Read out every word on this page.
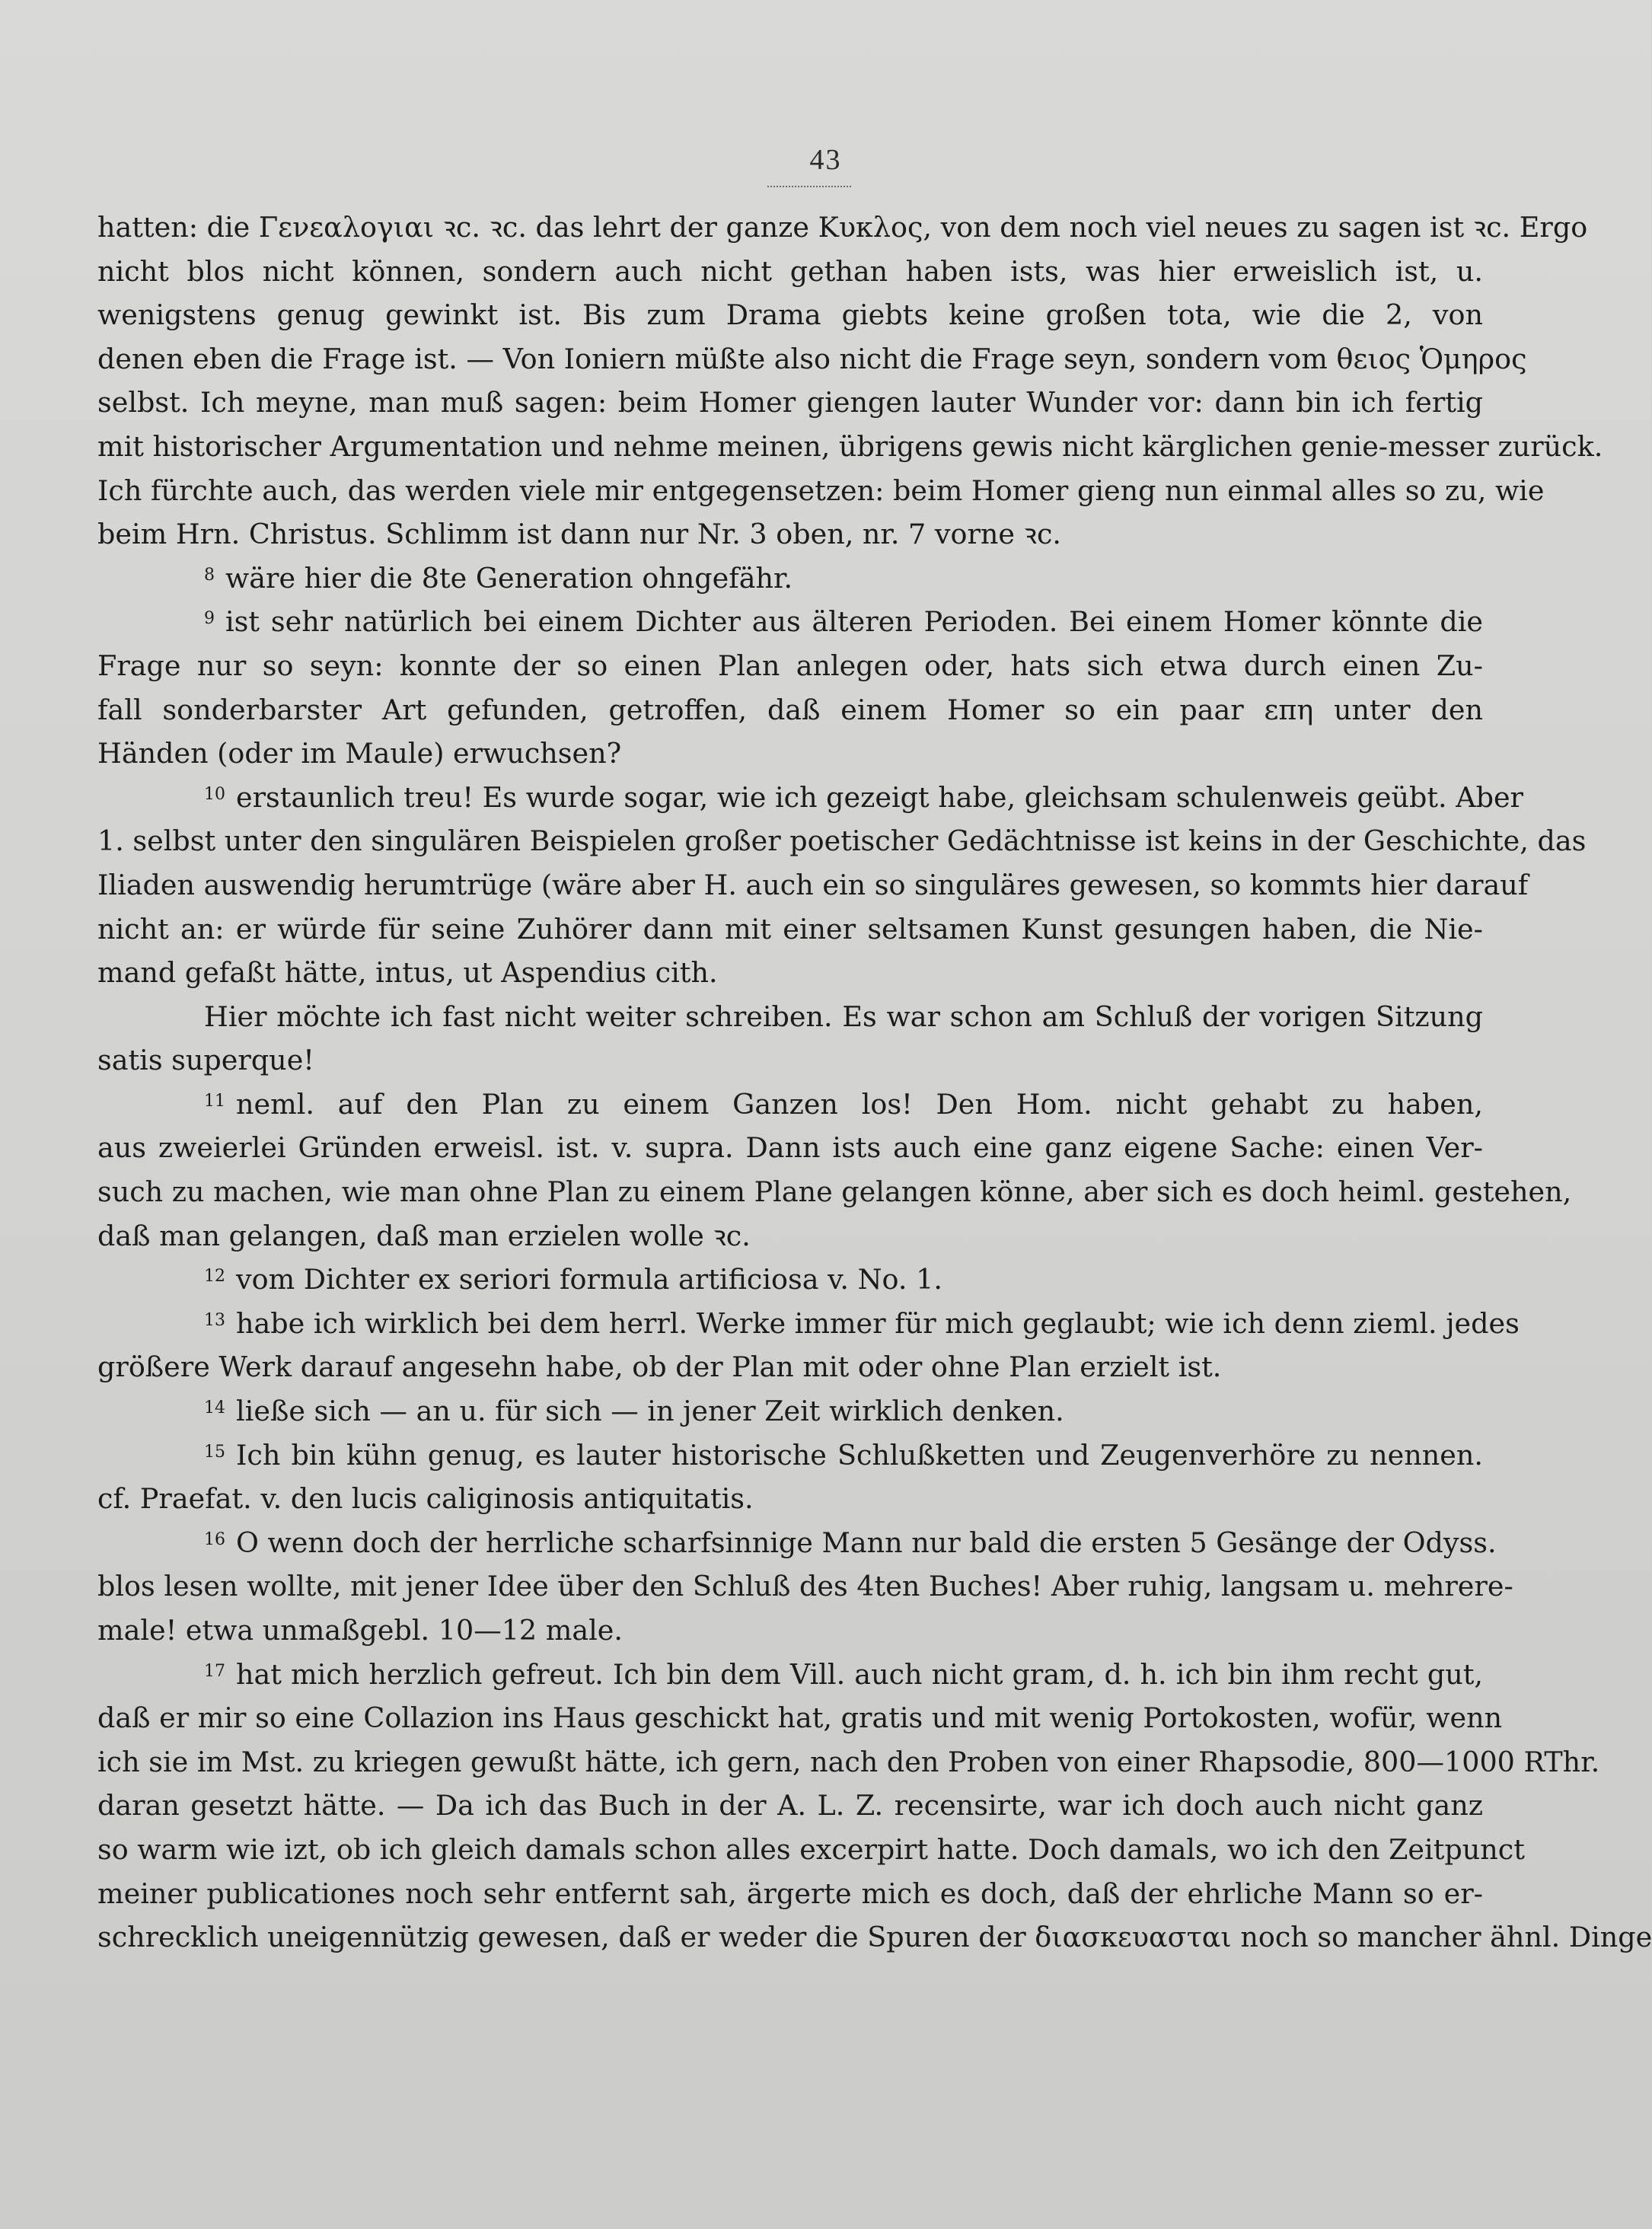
43
hatten: die Γενεαλογιαι ꝛc. ꝛc. das lehrt der ganze Κυκλος, von dem noch viel neues zu sagen ist ꝛc. Ergo
nicht blos nicht können, sondern auch nicht gethan haben ists, was hier erweislich ist, u.
wenigstens genug gewinkt ist. Bis zum Drama giebts keine großen tota, wie die 2, von
denen eben die Frage ist. — Von Ioniern müßte also nicht die Frage seyn, sondern vom θειος Ὁμηρος
selbst. Ich meyne, man muß sagen: beim Homer giengen lauter Wunder vor: dann bin ich fertig
mit historischer Argumentation und nehme meinen, übrigens gewis nicht kärglichen genie-messer zurück.
Ich fürchte auch, das werden viele mir entgegensetzen: beim Homer gieng nun einmal alles so zu, wie
beim Hrn. Christus. Schlimm ist dann nur Nr. 3 oben, nr. 7 vorne ꝛc.
$^8$ wäre hier die 8te Generation ohngefähr.
$^9$ ist sehr natürlich bei einem Dichter aus älteren Perioden. Bei einem Homer könnte die
Frage nur so seyn: konnte der so einen Plan anlegen oder, hats sich etwa durch einen Zu-
fall sonderbarster Art gefunden, getroffen, daß einem Homer so ein paar επη unter den
Händen (oder im Maule) erwuchsen?
$^{10}$ erstaunlich treu! Es wurde sogar, wie ich gezeigt habe, gleichsam schulenweis geübt. Aber
1. selbst unter den singulären Beispielen großer poetischer Gedächtnisse ist keins in der Geschichte, das
Iliaden auswendig herumtrüge (wäre aber H. auch ein so singuläres gewesen, so kommts hier darauf
nicht an: er würde für seine Zuhörer dann mit einer seltsamen Kunst gesungen haben, die Nie-
mand gefaßt hätte, intus, ut Aspendius cith.
Hier möchte ich fast nicht weiter schreiben. Es war schon am Schluß der vorigen Sitzung
satis superque!
$^{11}$ neml. auf den Plan zu einem Ganzen los! Den Hom. nicht gehabt zu haben,
aus zweierlei Gründen erweisl. ist. v. supra. Dann ists auch eine ganz eigene Sache: einen Ver-
such zu machen, wie man ohne Plan zu einem Plane gelangen könne, aber sich es doch heiml. gestehen,
daß man gelangen, daß man erzielen wolle ꝛc.
$^{12}$ vom Dichter ex seriori formula artificiosa v. No. 1.
$^{13}$ habe ich wirklich bei dem herrl. Werke immer für mich geglaubt; wie ich denn zieml. jedes
größere Werk darauf angesehn habe, ob der Plan mit oder ohne Plan erzielt ist.
$^{14}$ ließe sich — an u. für sich — in jener Zeit wirklich denken.
$^{15}$ Ich bin kühn genug, es lauter historische Schlußketten und Zeugenverhöre zu nennen.
cf. Praefat. v. den lucis caliginosis antiquitatis.
$^{16}$ O wenn doch der herrliche scharfsinnige Mann nur bald die ersten 5 Gesänge der Odyss.
blos lesen wollte, mit jener Idee über den Schluß des 4ten Buches! Aber ruhig, langsam u. mehrere-
male! etwa unmaßgebl. 10—12 male.
$^{17}$ hat mich herzlich gefreut. Ich bin dem Vill. auch nicht gram, d. h. ich bin ihm recht gut,
daß er mir so eine Collazion ins Haus geschickt hat, gratis und mit wenig Portokosten, wofür, wenn
ich sie im Mst. zu kriegen gewußt hätte, ich gern, nach den Proben von einer Rhapsodie, 800—1000 RThr.
daran gesetzt hätte. — Da ich das Buch in der A. L. Z. recensirte, war ich doch auch nicht ganz
so warm wie izt, ob ich gleich damals schon alles excerpirt hatte. Doch damals, wo ich den Zeitpunct
meiner publicationes noch sehr entfernt sah, ärgerte mich es doch, daß der ehrliche Mann so er-
schrecklich uneigennützig gewesen, daß er weder die Spuren der διασκευασται noch so mancher ähnl. Dinge
